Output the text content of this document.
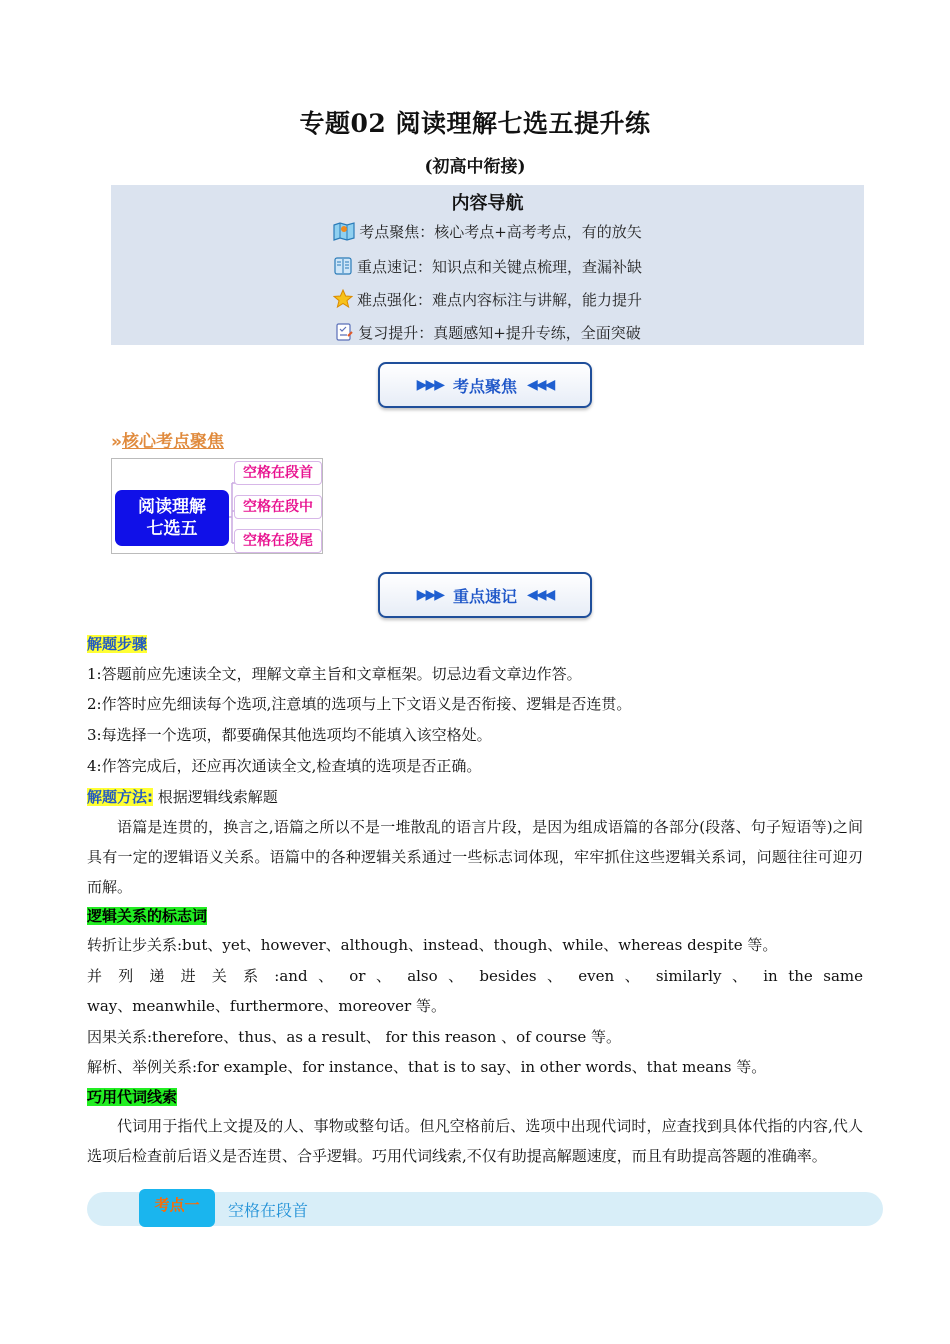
专题02 阅读理解七选五提升练
(初高中衔接)
内容导航
考点聚焦：核心考点+高考考点，有的放矢
重点速记：知识点和关键点梳理，查漏补缺
难点强化：难点内容标注与讲解，能力提升
复习提升：真题感知+提升专练，全面突破
▶▶▶ 考点聚焦 ◀◀◀
»核心考点聚焦
阅读理解
七选五
空格在段首
空格在段中
空格在段尾
▶▶▶ 重点速记 ◀◀◀
解题步骤
1:答题前应先速读全文，理解文章主旨和文章框架。切忌边看文章边作答。
2:作答时应先细读每个选项,注意填的选项与上下文语义是否衔接、逻辑是否连贯。
3:每选择一个选项，都要确保其他选项均不能填入该空格处。
4:作答完成后，还应再次通读全文,检查填的选项是否正确。
解题方法: 根据逻辑线索解题
语篇是连贯的，换言之,语篇之所以不是一堆散乱的语言片段，是因为组成语篇的各部分(段落、句子短语等)之间具有一定的逻辑语义关系。语篇中的各种逻辑关系通过一些标志词体现，牢牢抓住这些逻辑关系词，问题往往可迎刃而解。
逻辑关系的标志词
转折让步关系:but、yet、however、although、instead、though、while、whereas despite 等。
并 列 递 进 关 系 :and 、 or 、 also 、 besides 、 even 、 similarly 、 in the same
way、meanwhile、furthermore、moreover 等。
因果关系:therefore、thus、as a result、 for this reason 、of course 等。
解析、举例关系:for example、for instance、that is to say、in other words、that means 等。
巧用代词线索
代词用于指代上文提及的人、事物或整句话。但凡空格前后、选项中出现代词时，应查找到具体代指的内容,代人选项后检查前后语义是否连贯、合乎逻辑。巧用代词线索,不仅有助提高解题速度，而且有助提高答题的准确率。
考点一	空格在段首
